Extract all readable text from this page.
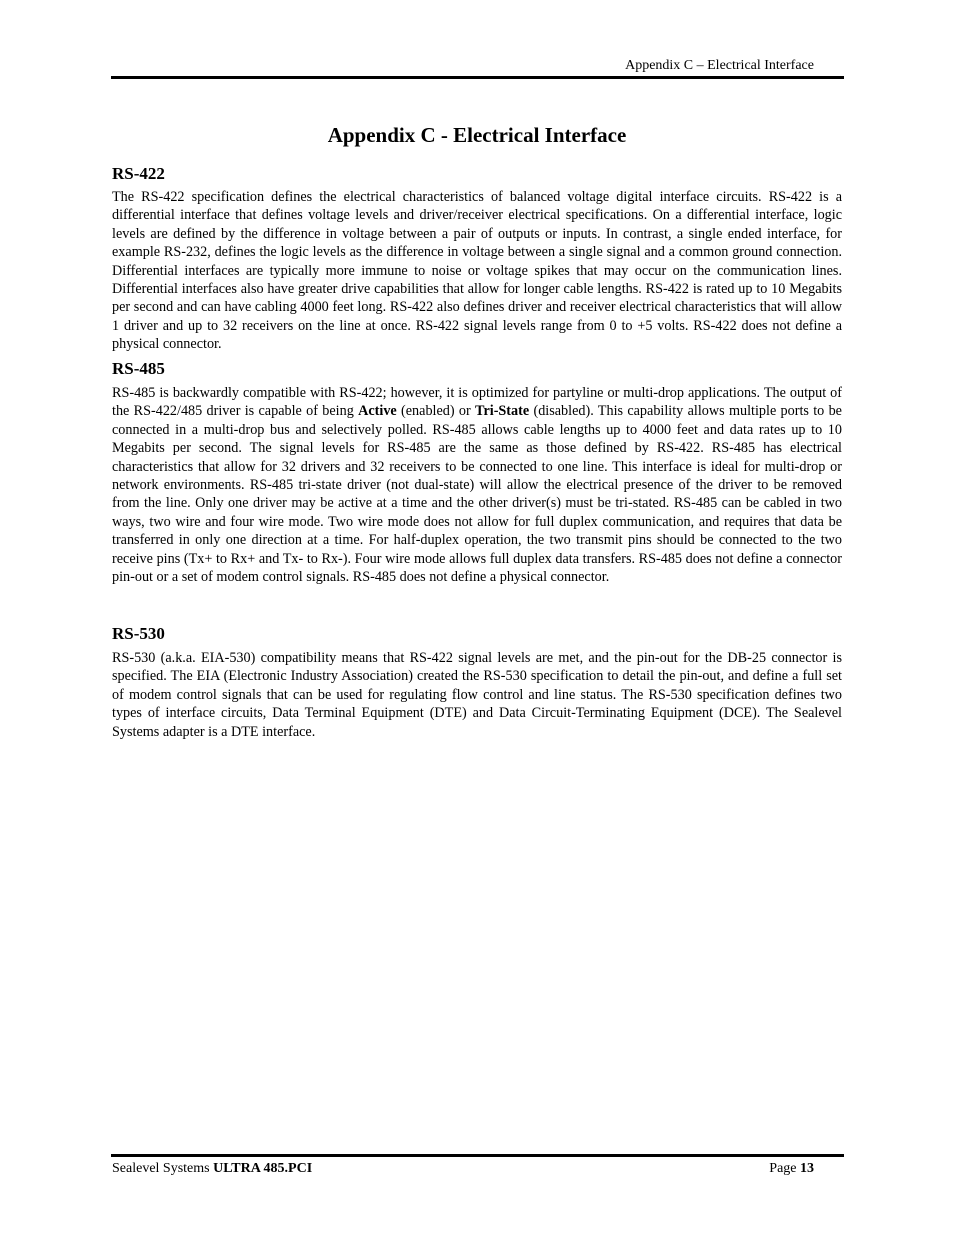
Appendix C – Electrical Interface
Appendix C - Electrical Interface
RS-422

The RS-422 specification defines the electrical characteristics of balanced voltage digital interface circuits. RS-422 is a differential interface that defines voltage levels and driver/receiver electrical specifications. On a differential interface, logic levels are defined by the difference in voltage between a pair of outputs or inputs. In contrast, a single ended interface, for example RS-232, defines the logic levels as the difference in voltage between a single signal and a common ground connection. Differential interfaces are typically more immune to noise or voltage spikes that may occur on the communication lines. Differential interfaces also have greater drive capabilities that allow for longer cable lengths. RS-422 is rated up to 10 Megabits per second and can have cabling 4000 feet long. RS-422 also defines driver and receiver electrical characteristics that will allow 1 driver and up to 32 receivers on the line at once. RS-422 signal levels range from 0 to +5 volts. RS-422 does not define a physical connector.

RS-485

RS-485 is backwardly compatible with RS-422; however, it is optimized for partyline or multi-drop applications. The output of the RS-422/485 driver is capable of being Active (enabled) or Tri-State (disabled). This capability allows multiple ports to be connected in a multi-drop bus and selectively polled. RS-485 allows cable lengths up to 4000 feet and data rates up to 10 Megabits per second. The signal levels for RS-485 are the same as those defined by RS-422. RS-485 has electrical characteristics that allow for 32 drivers and 32 receivers to be connected to one line. This interface is ideal for multi-drop or network environments. RS-485 tri-state driver (not dual-state) will allow the electrical presence of the driver to be removed from the line. Only one driver may be active at a time and the other driver(s) must be tri-stated. RS-485 can be cabled in two ways, two wire and four wire mode. Two wire mode does not allow for full duplex communication, and requires that data be transferred in only one direction at a time. For half-duplex operation, the two transmit pins should be connected to the two receive pins (Tx+ to Rx+ and Tx- to Rx-). Four wire mode allows full duplex data transfers. RS-485 does not define a connector pin-out or a set of modem control signals. RS-485 does not define a physical connector.

RS-530

RS-530 (a.k.a. EIA-530) compatibility means that RS-422 signal levels are met, and the pin-out for the DB-25 connector is specified. The EIA (Electronic Industry Association) created the RS-530 specification to detail the pin-out, and define a full set of modem control signals that can be used for regulating flow control and line status. The RS-530 specification defines two types of interface circuits, Data Terminal Equipment (DTE) and Data Circuit-Terminating Equipment (DCE). The Sealevel Systems adapter is a DTE interface.

Sealevel Systems ULTRA 485.PCI	Page 13
